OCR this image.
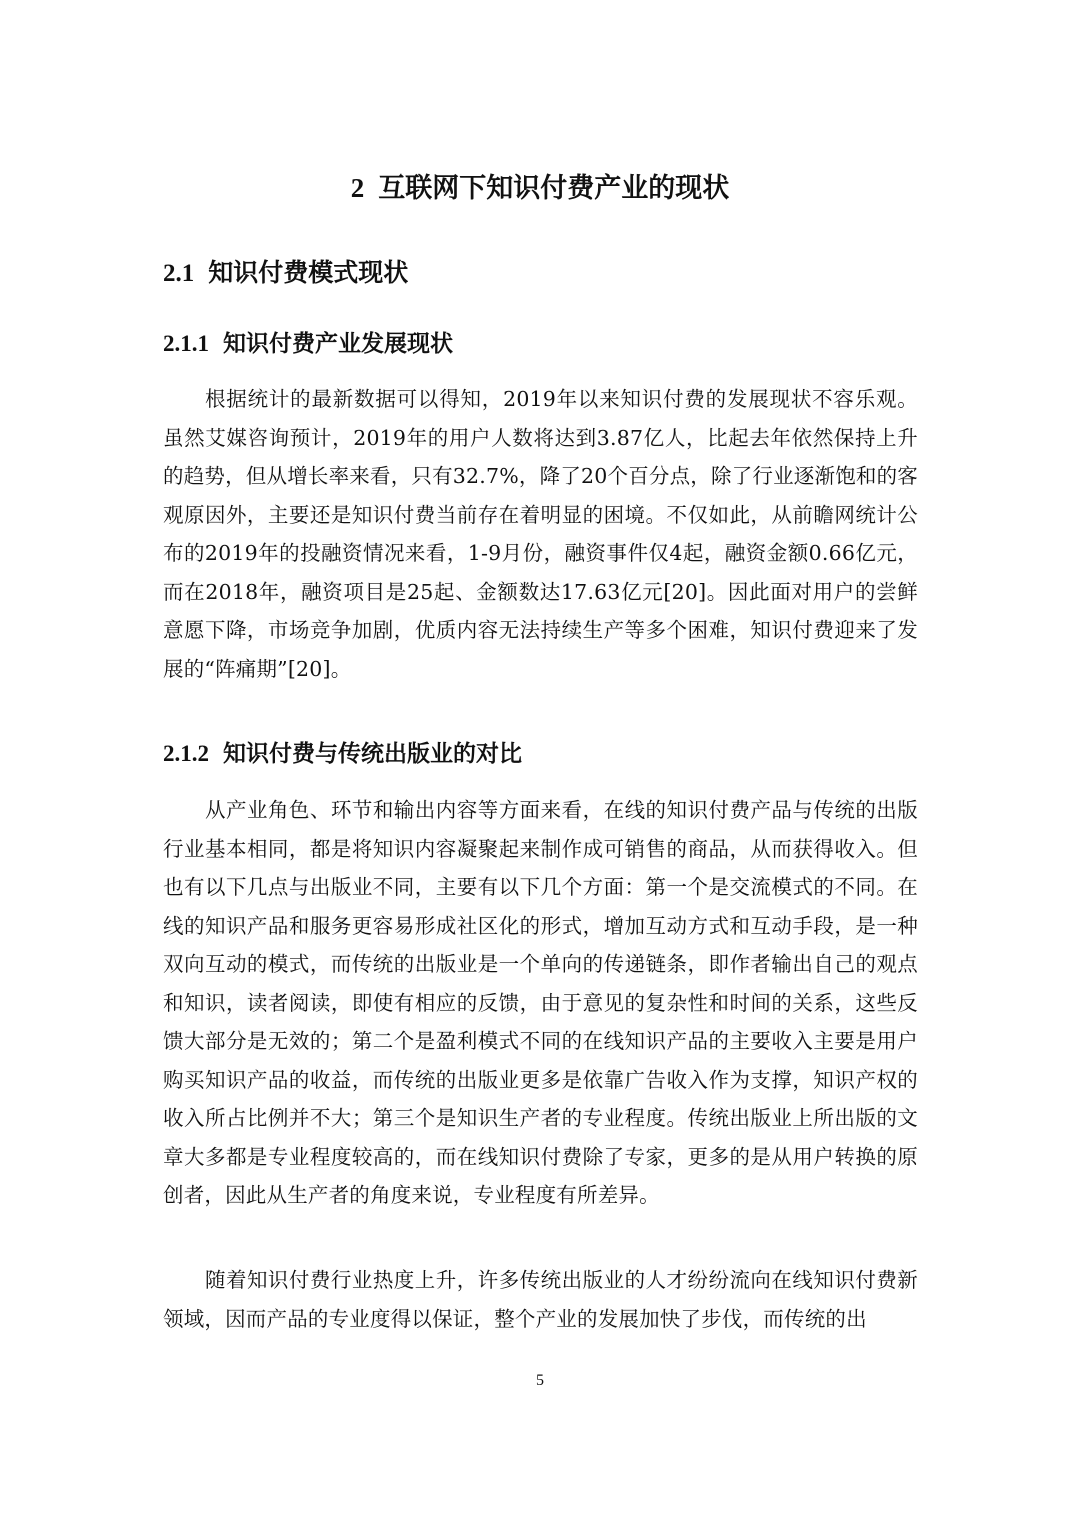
2 互联网下知识付费产业的现状
2.1 知识付费模式现状
2.1.1 知识付费产业发展现状

根据统计的最新数据可以得知，2019年以来知识付费的发展现状不容乐观。虽然艾媒咨询预计，2019年的用户人数将达到3.87亿人，比起去年依然保持上升的趋势，但从增长率来看，只有32.7%，降了20个百分点，除了行业逐渐饱和的客观原因外，主要还是知识付费当前存在着明显的困境。不仅如此，从前瞻网统计公布的2019年的投融资情况来看，1-9月份，融资事件仅4起，融资金额0.66亿元，而在2018年，融资项目是25起、金额数达17.63亿元[20]。因此面对用户的尝鲜意愿下降，市场竞争加剧，优质内容无法持续生产等多个困难，知识付费迎来了发展的“阵痛期”[20]。

2.1.2 知识付费与传统出版业的对比

从产业角色、环节和输出内容等方面来看，在线的知识付费产品与传统的出版行业基本相同，都是将知识内容凝聚起来制作成可销售的商品，从而获得收入。但也有以下几点与出版业不同，主要有以下几个方面：第一个是交流模式的不同。在线的知识产品和服务更容易形成社区化的形式，增加互动方式和互动手段，是一种双向互动的模式，而传统的出版业是一个单向的传递链条，即作者输出自己的观点和知识，读者阅读，即使有相应的反馈，由于意见的复杂性和时间的关系，这些反馈大部分是无效的；第二个是盈利模式不同的在线知识产品的主要收入主要是用户购买知识产品的收益，而传统的出版业更多是依靠广告收入作为支撑，知识产权的收入所占比例并不大；第三个是知识生产者的专业程度。传统出版业上所出版的文章大多都是专业程度较高的，而在线知识付费除了专家，更多的是从用户转换的原创者，因此从生产者的角度来说，专业程度有所差异。

随着知识付费行业热度上升，许多传统出版业的人才纷纷流向在线知识付费新领域，因而产品的专业度得以保证，整个产业的发展加快了步伐，而传统的出

5
